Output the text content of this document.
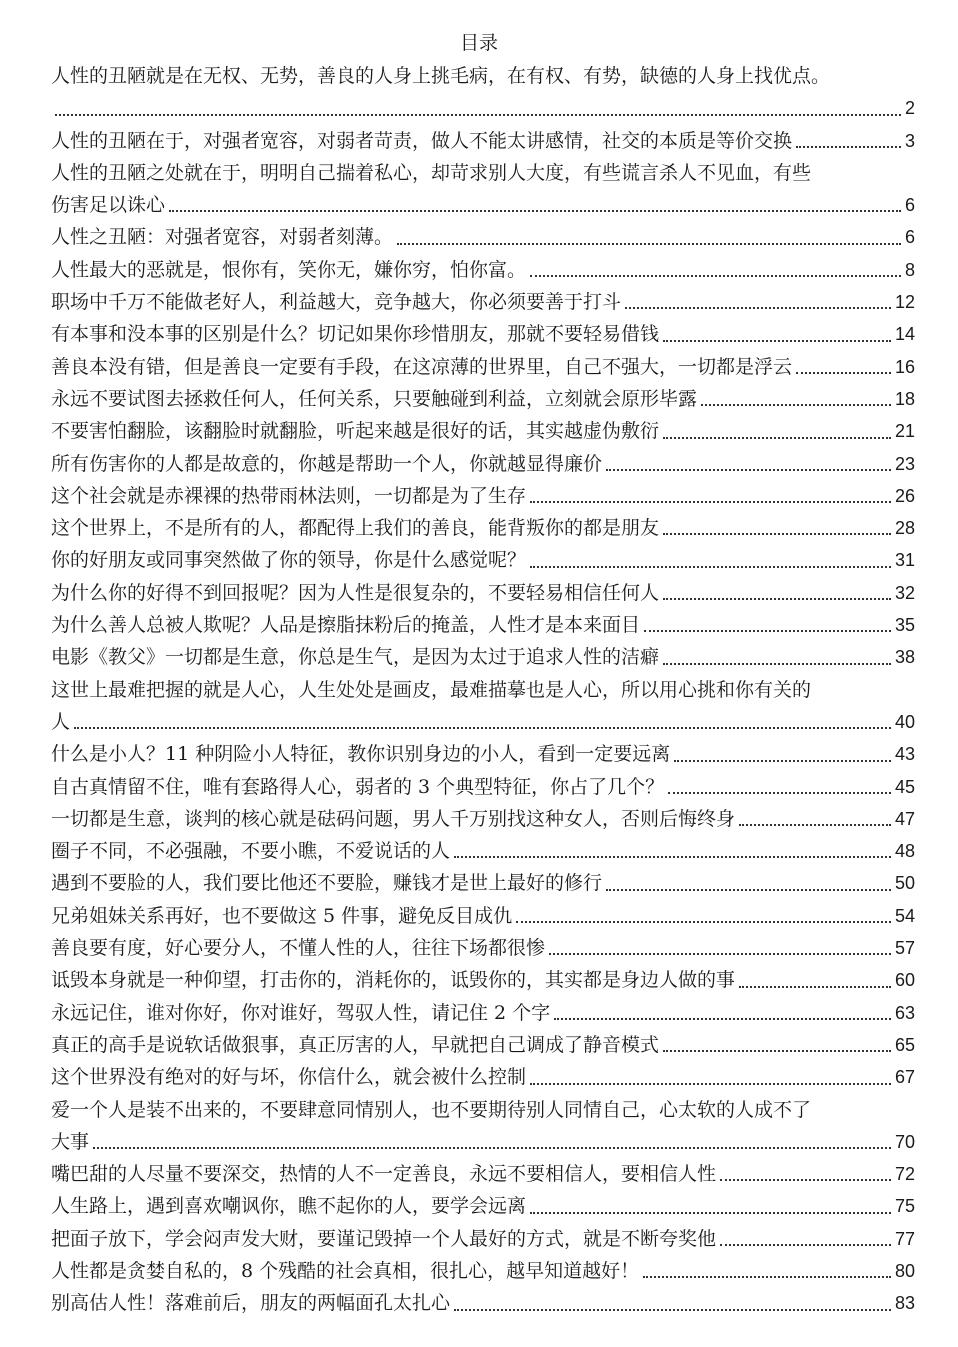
目录
人性的丑陋就是在无权、无势，善良的人身上挑毛病，在有权、有势，缺德的人身上找优点。
2
人性的丑陋在于，对强者宽容，对弱者苛责，做人不能太讲感情，社交的本质是等价交换	3
人性的丑陋之处就在于，明明自己揣着私心，却苛求别人大度，有些谎言杀人不见血，有些
伤害足以诛心	6
人性之丑陋：对强者宽容，对弱者刻薄。	6
人性最大的恶就是，恨你有，笑你无，嫌你穷，怕你富。	8
职场中千万不能做老好人，利益越大，竞争越大，你必须要善于打斗	12
有本事和没本事的区别是什么？切记如果你珍惜朋友，那就不要轻易借钱	14
善良本没有错，但是善良一定要有手段，在这凉薄的世界里，自己不强大，一切都是浮云	16
永远不要试图去拯救任何人，任何关系，只要触碰到利益，立刻就会原形毕露	18
不要害怕翻脸，该翻脸时就翻脸，听起来越是很好的话，其实越虚伪敷衍	21
所有伤害你的人都是故意的，你越是帮助一个人，你就越显得廉价	23
这个社会就是赤裸裸的热带雨林法则，一切都是为了生存	26
这个世界上，不是所有的人，都配得上我们的善良，能背叛你的都是朋友	28
你的好朋友或同事突然做了你的领导，你是什么感觉呢？	31
为什么你的好得不到回报呢？因为人性是很复杂的，不要轻易相信任何人	32
为什么善人总被人欺呢？人品是擦脂抹粉后的掩盖，人性才是本来面目	35
电影《教父》一切都是生意，你总是生气，是因为太过于追求人性的洁癖	38
这世上最难把握的就是人心，人生处处是画皮，最难描摹也是人心，所以用心挑和你有关的
人	40
什么是小人？11 种阴险小人特征，教你识别身边的小人，看到一定要远离	43
自古真情留不住，唯有套路得人心，弱者的 3 个典型特征，你占了几个？	45
一切都是生意，谈判的核心就是砝码问题，男人千万别找这种女人，否则后悔终身	47
圈子不同，不必强融，不要小瞧，不爱说话的人	48
遇到不要脸的人，我们要比他还不要脸，赚钱才是世上最好的修行	50
兄弟姐妹关系再好，也不要做这 5 件事，避免反目成仇	54
善良要有度，好心要分人，不懂人性的人，往往下场都很惨	57
诋毁本身就是一种仰望，打击你的，消耗你的，诋毁你的，其实都是身边人做的事	60
永远记住，谁对你好，你对谁好，驾驭人性，请记住 2 个字	63
真正的高手是说软话做狠事，真正厉害的人，早就把自己调成了静音模式	65
这个世界没有绝对的好与坏，你信什么，就会被什么控制	67
爱一个人是装不出来的，不要肆意同情别人，也不要期待别人同情自己，心太软的人成不了
大事	70
嘴巴甜的人尽量不要深交，热情的人不一定善良，永远不要相信人，要相信人性	72
人生路上，遇到喜欢嘲讽你，瞧不起你的人，要学会远离	75
把面子放下，学会闷声发大财，要谨记毁掉一个人最好的方式，就是不断夸奖他	77
人性都是贪婪自私的，8 个残酷的社会真相，很扎心，越早知道越好！	80
别高估人性！落难前后，朋友的两幅面孔太扎心	83
